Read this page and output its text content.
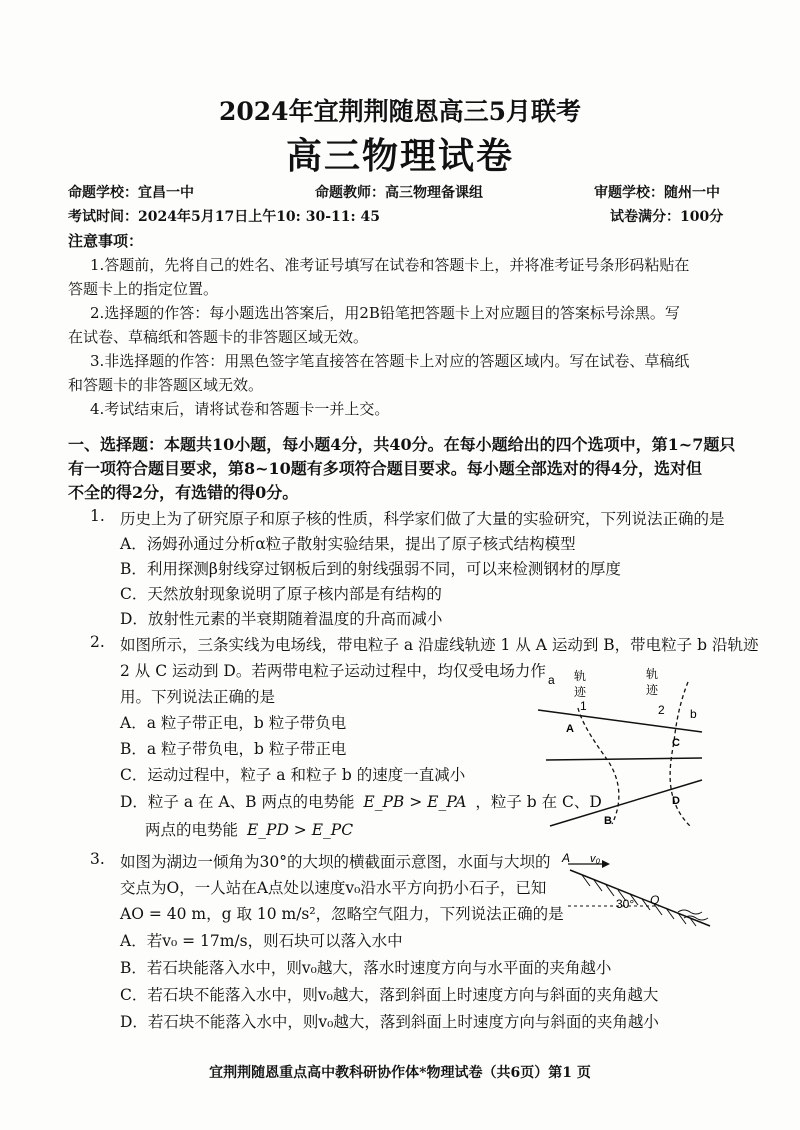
2024年宜荆荆随恩高三5月联考
高三物理试卷
命题学校：宜昌一中	命题教师：高三物理备课组	审题学校：随州一中
考试时间：2024年5月17日上午10: 30-11: 45	试卷满分：100分
注意事项：
1.答题前，先将自己的姓名、准考证号填写在试卷和答题卡上，并将准考证号条形码粘贴在
答题卡上的指定位置。
2.选择题的作答：每小题选出答案后，用2B铅笔把答题卡上对应题目的答案标号涂黑。写
在试卷、草稿纸和答题卡的非答题区域无效。
3.非选择题的作答：用黑色签字笔直接答在答题卡上对应的答题区域内。写在试卷、草稿纸
和答题卡的非答题区域无效。
4.考试结束后，请将试卷和答题卡一并上交。
一、选择题：本题共10小题，每小题4分，共40分。在每小题给出的四个选项中，第1~7题只
有一项符合题目要求，第8~10题有多项符合题目要求。每小题全部选对的得4分，选对但
不全的得2分，有选错的得0分。
1. 历史上为了研究原子和原子核的性质，科学家们做了大量的实验研究，下列说法正确的是
A．汤姆孙通过分析α粒子散射实验结果，提出了原子核式结构模型
B．利用探测β射线穿过钢板后到的射线强弱不同，可以来检测钢材的厚度
C．天然放射现象说明了原子核内部是有结构的
D．放射性元素的半衰期随着温度的升高而减小
2. 如图所示，三条实线为电场线，带电粒子 a 沿虚线轨迹 1 从 A 运动到 B，带电粒子 b 沿轨迹
2 从 C 运动到 D。若两带电粒子运动过程中，均仅受电场力作
用。下列说法正确的是
A．a 粒子带正电，b 粒子带负电
B．a 粒子带负电，b 粒子带正电
C．运动过程中，粒子 a 和粒子 b 的速度一直减小
D．粒子 a 在 A、B 两点的电势能 E_PB > E_PA ，粒子 b 在 C、D
两点的电势能 E_PD > E_PC
a 轨
迹
1
轨
迹
2 b
A
C
D
B
3. 如图为湖边一倾角为30°的大坝的横截面示意图，水面与大坝的
交点为O，一人站在A点处以速度v₀沿水平方向扔小石子，已知
AO = 40 m，g 取 10 m/s²，忽略空气阻力，下列说法正确的是
A．若v₀ = 17m/s，则石块可以落入水中
B．若石块能落入水中，则v₀越大，落水时速度方向与水平面的夹角越小
C．若石块不能落入水中，则v₀越大，落到斜面上时速度方向与斜面的夹角越大
D．若石块不能落入水中，则v₀越大，落到斜面上时速度方向与斜面的夹角越小
A v₀
30° O
宜荆荆随恩重点高中教科研协作体*物理试卷（共6页）第1 页
